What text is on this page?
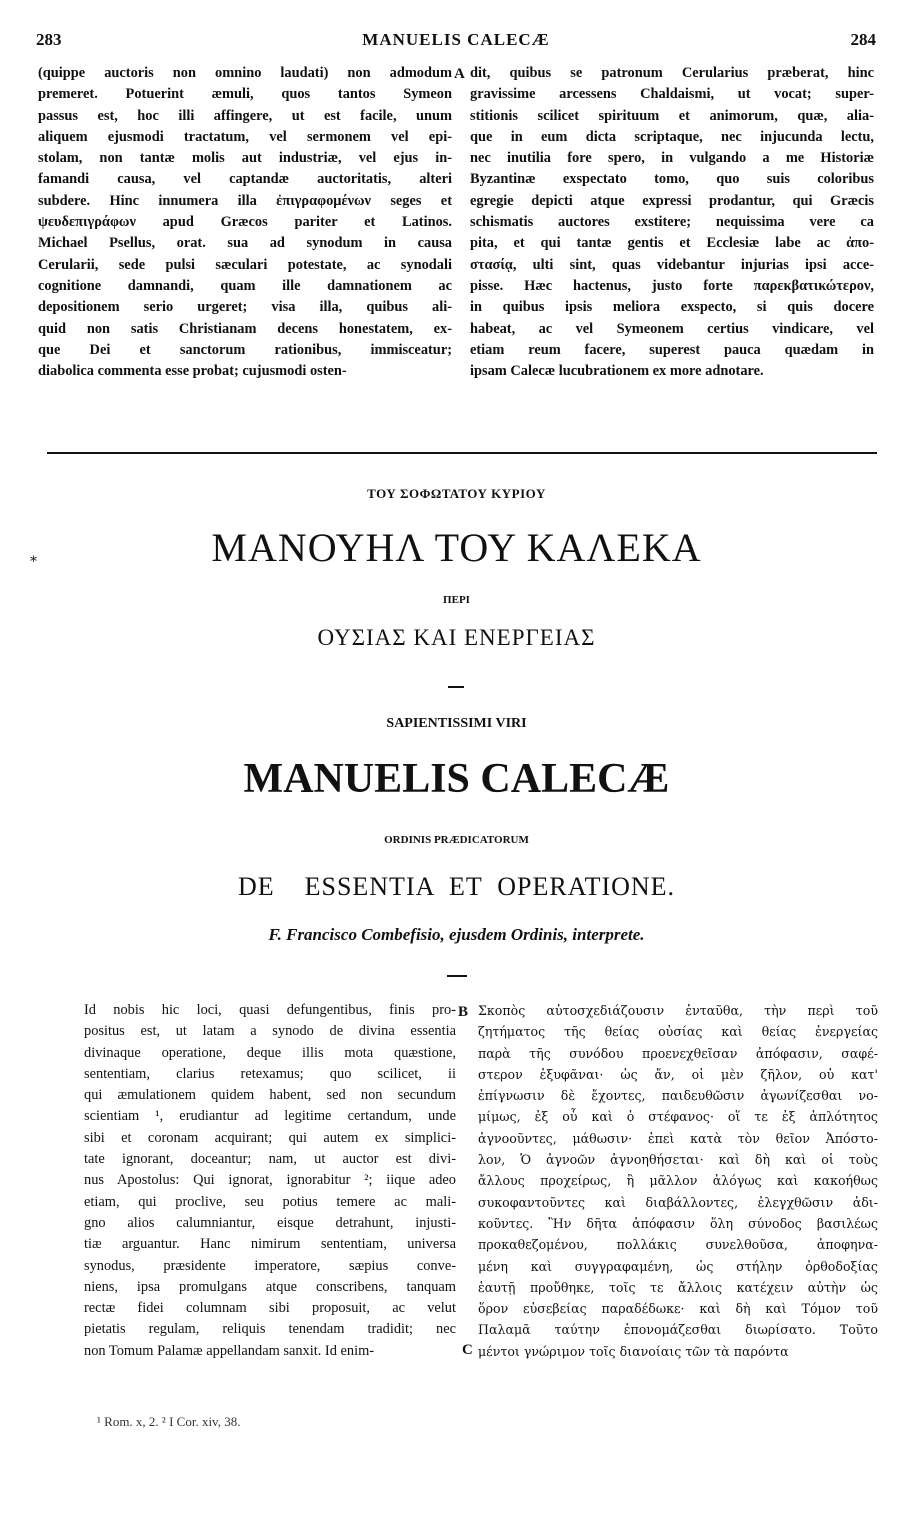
MANUELIS CALECÆ
283	284
(quippe auctoris non omnino laudati) non admodum
premeret. Potuerint æmuli, quos tantos Symeon
passus est, hoc illi affingere, ut est facile, unum
aliquem ejusmodi tractatum, vel sermonem vel epi-
stolam, non tantæ molis aut industriæ, vel ejus in-
famandi causa, vel captandæ auctoritatis, alteri
subdere. Hinc innumera illa ἐπιγραφομένων seges et
ψευδεπιγράφων apud Græcos pariter et Latinos.
Michael Psellus, orat. sua ad synodum in causa
Cerularii, sede pulsi sæculari potestate, ac synodali
cognitione damnandi, quam ille damnationem ac
depositionem serio urgeret; visa illa, quibus ali-
quid non satis Christianam decens honestatem, ex-
que Dei et sanctorum rationibus, immisceatur;
diabolica commenta esse probat; cujusmodi osten-
A dit, quibus se patronum Cerularius præberat, hinc
gravissime arcessens Chaldaismi, ut vocat; super-
stitionis scilicet spirituum et animorum, quæ, alia-
que in eum dicta scriptaque, nec injucunda lectu,
nec inutilia fore spero, in vulgando a me Historiæ
Byzantinæ exspectato tomo, quo suis coloribus
egregie depicti atque expressi prodantur, qui Græcis
schismatis auctores exstitere; nequissima vere ca
pita, et qui tantæ gentis et Ecclesiæ labe ac ἀπο-
στασίᾳ, ulti sint, quas videbantur injurias ipsi acce-
pisse. Hæc hactenus, justo forte παρεκβατικώτερον,
in quibus ipsis meliora exspecto, si quis docere
habeat, ac vel Symeonem certius vindicare, vel
etiam reum facere, superest pauca quædam in
ipsam Calecæ lucubrationem ex more adnotare.
ΤΟΥ ΣΟΦΩΤΑΤΟΥ ΚΥΡΙΟΥ
ΜΑΝΟΥΗΛ ΤΟΥ ΚΑΛΕΚΑ
ΠΕΡΙ
ΟΥΣΙΑΣ ΚΑΙ ΕΝΕΡΓΕΙΑΣ
SAPIENTISSIMI VIRI
MANUELIS CALECÆ
ORDINIS PRÆDICATORUM
DE    ESSENTIA  ET  OPERATIONE.
F. Francisco Combefisio, ejusdem Ordinis, interprete.
Id nobis hic loci, quasi defungentibus, finis pro-
positus est, ut latam a synodo de divina essentia
divinaque operatione, deque illis mota quæstione,
sententiam, clarius retexamus; quo scilicet, ii
qui æmulationem quidem habent, sed non secundum
scientiam ¹, erudiantur ad legitime certandum, unde
sibi et coronam acquirant; qui autem ex simplici-
tate ignorant, doceantur; nam, ut auctor est divi-
nus Apostolus: Qui ignorat, ignorabitur ²; iique adeo
etiam, qui proclive, seu potius temere ac mali-
gno alios calumniantur, eisque detrahunt, injusti-
tiæ arguantur. Hanc nimirum sententiam, universa
synodus, præsidente imperatore, sæpius conve-
niens, ipsa promulgans atque conscribens, tanquam
rectæ fidei columnam sibi proposuit, ac velut
pietatis regulam, reliquis tenendam tradidit; nec
non Tomum Palamæ appellandam sanxit. Id enim-
B
C
Σκοπὸς αὐτοσχεδιάζουσιν ἐνταῦθα, τὴν περὶ τοῦ
ζητήματος τῆς θείας οὐσίας καὶ θείας ἐνεργείας
παρὰ τῆς συνόδου προενεχθεῖσαν ἀπόφασιν, σαφέ-
στερον ἐξυφᾶναι· ὡς ἄν, οἱ μὲν ζῆλον, οὐ κατ'
ἐπίγνωσιν δὲ ἔχοντες, παιδευθῶσιν ἀγωνίζεσθαι νο-
μίμως, ἐξ οὗ καὶ ὁ στέφανος· οἵ τε ἐξ ἁπλότητος
ἀγνοοῦντες, μάθωσιν· ἐπεὶ κατὰ τὸν θεῖον Ἀπόστο-
λον, Ὁ ἀγνοῶν ἀγνοηθήσεται· καὶ δὴ καὶ οἱ τοὺς
ἄλλους προχείρως, ἢ μᾶλλον ἀλόγως καὶ κακοήθως
συκοφαντοῦντες καὶ διαβάλλοντες, ἐλεγχθῶσιν ἀδι-
κοῦντες. Ἣν δῆτα ἀπόφασιν ὅλη σύνοδος βασιλέως
προκαθεζομένου, πολλάκις συνελθοῦσα, ἀποφηνα-
μένη καὶ συγγραφαμένη, ὡς στήλην ὀρθοδοξίας
ἑαυτῇ προὔθηκε, τοῖς τε ἄλλοις κατέχειν αὐτὴν ὡς
ὅρον εὐσεβείας παραδέδωκε· καὶ δὴ καὶ Τόμον τοῦ
Παλαμᾶ ταύτην ἐπονομάζεσθαι διωρίσατο. Τοῦτο
μέντοι γνώριμον τοῖς διανοίαις τῶν τὰ παρόντα
¹ Rom. x, 2. ² I Cor. xiv, 38.
*
